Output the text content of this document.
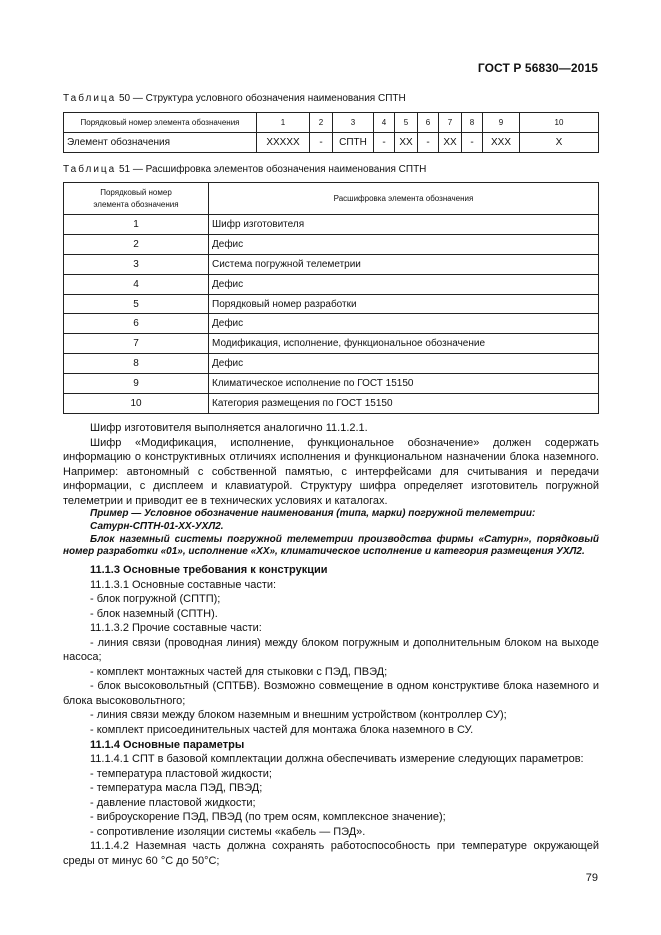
ГОСТ Р 56830—2015
Таблица 50 — Структура условного обозначения наименования СПТН
Порядковый номер элемента обозначения	1	2	3	4	5	6	7	8	9	10
Элемент обозначения	XXXXX	-	СПТН	-	XX	-	XX	-	XXX	X
Таблица 51 — Расшифровка элементов обозначения наименования СПТН
Порядковый номер
элемента обозначения	Расшифровка элемента обозначения
1	Шифр изготовителя
2	Дефис
3	Система погружной телеметрии
4	Дефис
5	Порядковый номер разработки
6	Дефис
7	Модификация, исполнение, функциональное обозначение
8	Дефис
9	Климатическое исполнение по ГОСТ 15150
10	Категория размещения по ГОСТ 15150

Шифр изготовителя выполняется аналогично 11.1.2.1.

Шифр «Модификация, исполнение, функциональное обозначение» должен содержать информацию о конструктивных отличиях исполнения и функциональном назначении блока наземного. Например: автономный с собственной памятью, с интерфейсами для считывания и передачи информации, с дисплеем и клавиатурой. Структуру шифра определяет изготовитель погружной телеметрии и приводит ее в технических условиях и каталогах.

Пример — Условное обозначение наименования (типа, марки) погружной телеметрии:

Сатурн-СПТН-01-ХХ-УХЛ2.

Блок наземный системы погружной телеметрии производства фирмы «Сатурн», порядковый номер разработки «01», исполнение «ХХ», климатическое исполнение и категория размещения УХЛ2.

11.1.3 Основные требования к конструкции

11.1.3.1 Основные составные части:

- блок погружной (СПТП);

- блок наземный (СПТН).

11.1.3.2 Прочие составные части:

- линия связи (проводная линия) между блоком погружным и дополнительным блоком на выходе насоса;

- комплект монтажных частей для стыковки с ПЭД, ПВЭД;

- блок высоковольтный (СПТБВ). Возможно совмещение в одном конструктиве блока наземного и блока высоковольтного;

- линия связи между блоком наземным и внешним устройством (контроллер СУ);

- комплект присоединительных частей для монтажа блока наземного в СУ.

11.1.4 Основные параметры

11.1.4.1 СПТ в базовой комплектации должна обеспечивать измерение следующих параметров:

- температура пластовой жидкости;

- температура масла ПЭД, ПВЭД;

- давление пластовой жидкости;

- виброускорение ПЭД, ПВЭД (по трем осям, комплексное значение);

- сопротивление изоляции системы «кабель — ПЭД».

11.1.4.2 Наземная часть должна сохранять работоспособность при температуре окружающей среды от минус 60 °С до 50°С;

79
